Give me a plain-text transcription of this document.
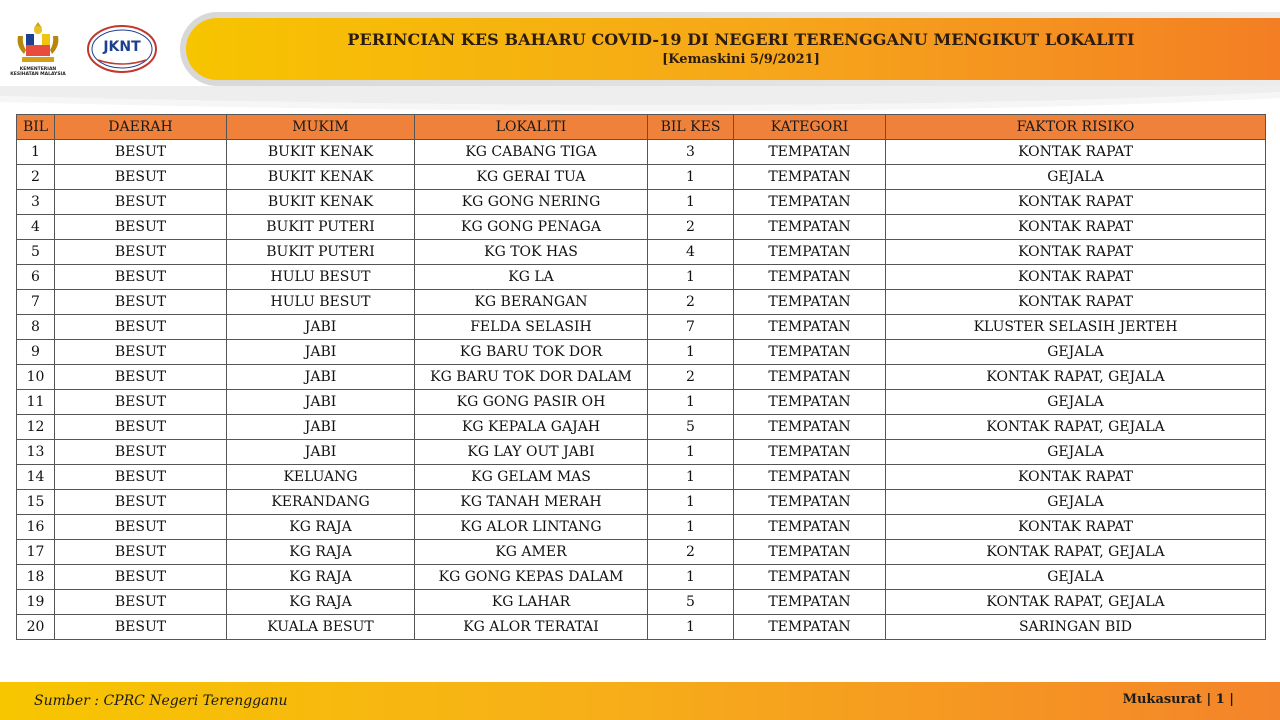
KEMENTERIAN KESIHATAN MALAYSIA
JKNT	PERINCIAN KES BAHARU COVID-19 DI NEGERI TERENGGANU MENGIKUT LOKALITI
[Kemaskini 5/9/2021]
BIL	DAERAH	MUKIM	LOKALITI	BIL KES	KATEGORI	FAKTOR RISIKO
1	BESUT	BUKIT KENAK	KG CABANG TIGA	3	TEMPATAN	KONTAK RAPAT
2	BESUT	BUKIT KENAK	KG GERAI TUA	1	TEMPATAN	GEJALA
3	BESUT	BUKIT KENAK	KG GONG NERING	1	TEMPATAN	KONTAK RAPAT
4	BESUT	BUKIT PUTERI	KG GONG PENAGA	2	TEMPATAN	KONTAK RAPAT
5	BESUT	BUKIT PUTERI	KG TOK HAS	4	TEMPATAN	KONTAK RAPAT
6	BESUT	HULU BESUT	KG LA	1	TEMPATAN	KONTAK RAPAT
7	BESUT	HULU BESUT	KG BERANGAN	2	TEMPATAN	KONTAK RAPAT
8	BESUT	JABI	FELDA SELASIH	7	TEMPATAN	KLUSTER SELASIH JERTEH
9	BESUT	JABI	KG BARU TOK DOR	1	TEMPATAN	GEJALA
10	BESUT	JABI	KG BARU TOK DOR DALAM	2	TEMPATAN	KONTAK RAPAT, GEJALA
11	BESUT	JABI	KG GONG PASIR OH	1	TEMPATAN	GEJALA
12	BESUT	JABI	KG KEPALA GAJAH	5	TEMPATAN	KONTAK RAPAT, GEJALA
13	BESUT	JABI	KG LAY OUT JABI	1	TEMPATAN	GEJALA
14	BESUT	KELUANG	KG GELAM MAS	1	TEMPATAN	KONTAK RAPAT
15	BESUT	KERANDANG	KG TANAH MERAH	1	TEMPATAN	GEJALA
16	BESUT	KG RAJA	KG ALOR LINTANG	1	TEMPATAN	KONTAK RAPAT
17	BESUT	KG RAJA	KG AMER	2	TEMPATAN	KONTAK RAPAT, GEJALA
18	BESUT	KG RAJA	KG GONG KEPAS DALAM	1	TEMPATAN	GEJALA
19	BESUT	KG RAJA	KG LAHAR	5	TEMPATAN	KONTAK RAPAT, GEJALA
20	BESUT	KUALA BESUT	KG ALOR TERATAI	1	TEMPATAN	SARINGAN BID
Sumber : CPRC Negeri Terengganu	Mukasurat | 1 |
